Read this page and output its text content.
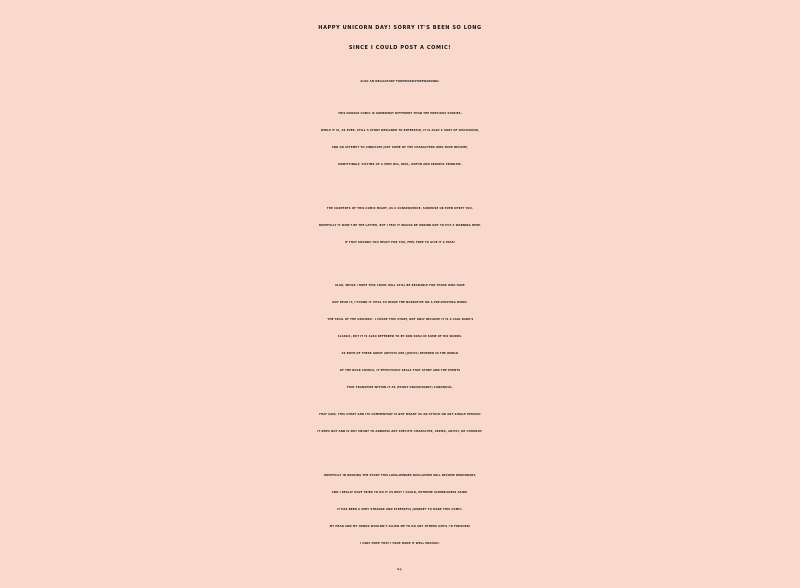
HAPPY UNICORN DAY! SORRY IT'S BEEN SO LONG
SINCE I COULD POST A COMIC!
ALSO AN OBLIGATORY FOREWORD/FOREWARNING:
THIS DOODLE COMIC IS SOMEWHAT DIFFERENT THAN THE PREVIOUS STORIES.
WHILE IT IS, AS EVER, STILL A STORY DESIGNED TO ENTERTAIN, IT IS ALSO A SORT OF DISCUSSION,
AND AN ATTEMPT TO VINDICATE JUST SOME OF THE CHARACTERS WHO HAVE BECOME,
UNWITTINGLY, VICTIMS OF A VERY BIG, REAL, UNFUN AND SERIOUS PROBLEM.
THE CONTENTS OF THIS COMIC MIGHT, AS A CONSEQUENCE, SURPRISE OR EVEN UPSET YOU.
HOPEFULLY IT WON'T BE THE LATTER, BUT I FELT IT WOULD BE UNKIND NOT TO PUT A WARNING HERE.
IF THAT SOUNDS TOO HEAVY FOR YOU, FEEL FREE TO GIVE IT A PASS!
ALSO, WHILE I HOPE THIS COMIC WILL STILL BE READABLE FOR THOSE WHO HAVE
NOT READ IT, I FOUND IT VITAL TO HINGE THE NARRATIVE ON A PRE-EXISTING WORK:
'THE TRAIL OF THE UNICORN'. I CHOSE THIS STORY, NOT ONLY BECAUSE IT IS A CARL BARK'S
CLASSIC, BUT IT IS ALSO REFERRED TO BY DON ROSA IN SOME OF HIS WORKS.
AS BOTH OF THESE GREAT ARTISTS ARE (JUSTLY) REVERED IN THE WORLD
OF THE DUCK COMICS, IT EFFECTIVELY SEALS THAT STORY AND THE EVENTS
THAT TRANSPIRE WITHIN IT AS (FAIRLY UNAVOIDABLY) CANONICAL.
THAT SAID, THIS STORY AND ITS COMMENTARY IS NOT MEANT AS AN ATTACK ON ANY SINGLE PERSON:
IT DOES NOT AND IS NOT MEANT TO ADDRESS ANY SPECIFIC CHARACTER, SERIES, ARTIST, OR COMPANY.
HOPEFULLY IN READING THE STORY THIS LONG-WINDED DISCLAIMER WILL BECOME REDUNDANT,
AND I REALLY HAVE TRIED TO DO IT AS BEST I COULD, EXTREME SCRIBBLINESS ASIDE.
IT HAS BEEN A VERY STRANGE AND STRESSFUL JOURNEY TO MAKE THIS COMIC-
MY HEAD AND MY HANDS WOULDN'T ALLOW ME TO DO ANY OTHERS UNTIL I'D FINISHED!
I ONLY HOPE THAT I HAVE DONE IT WELL ENOUGH.
S.J.
